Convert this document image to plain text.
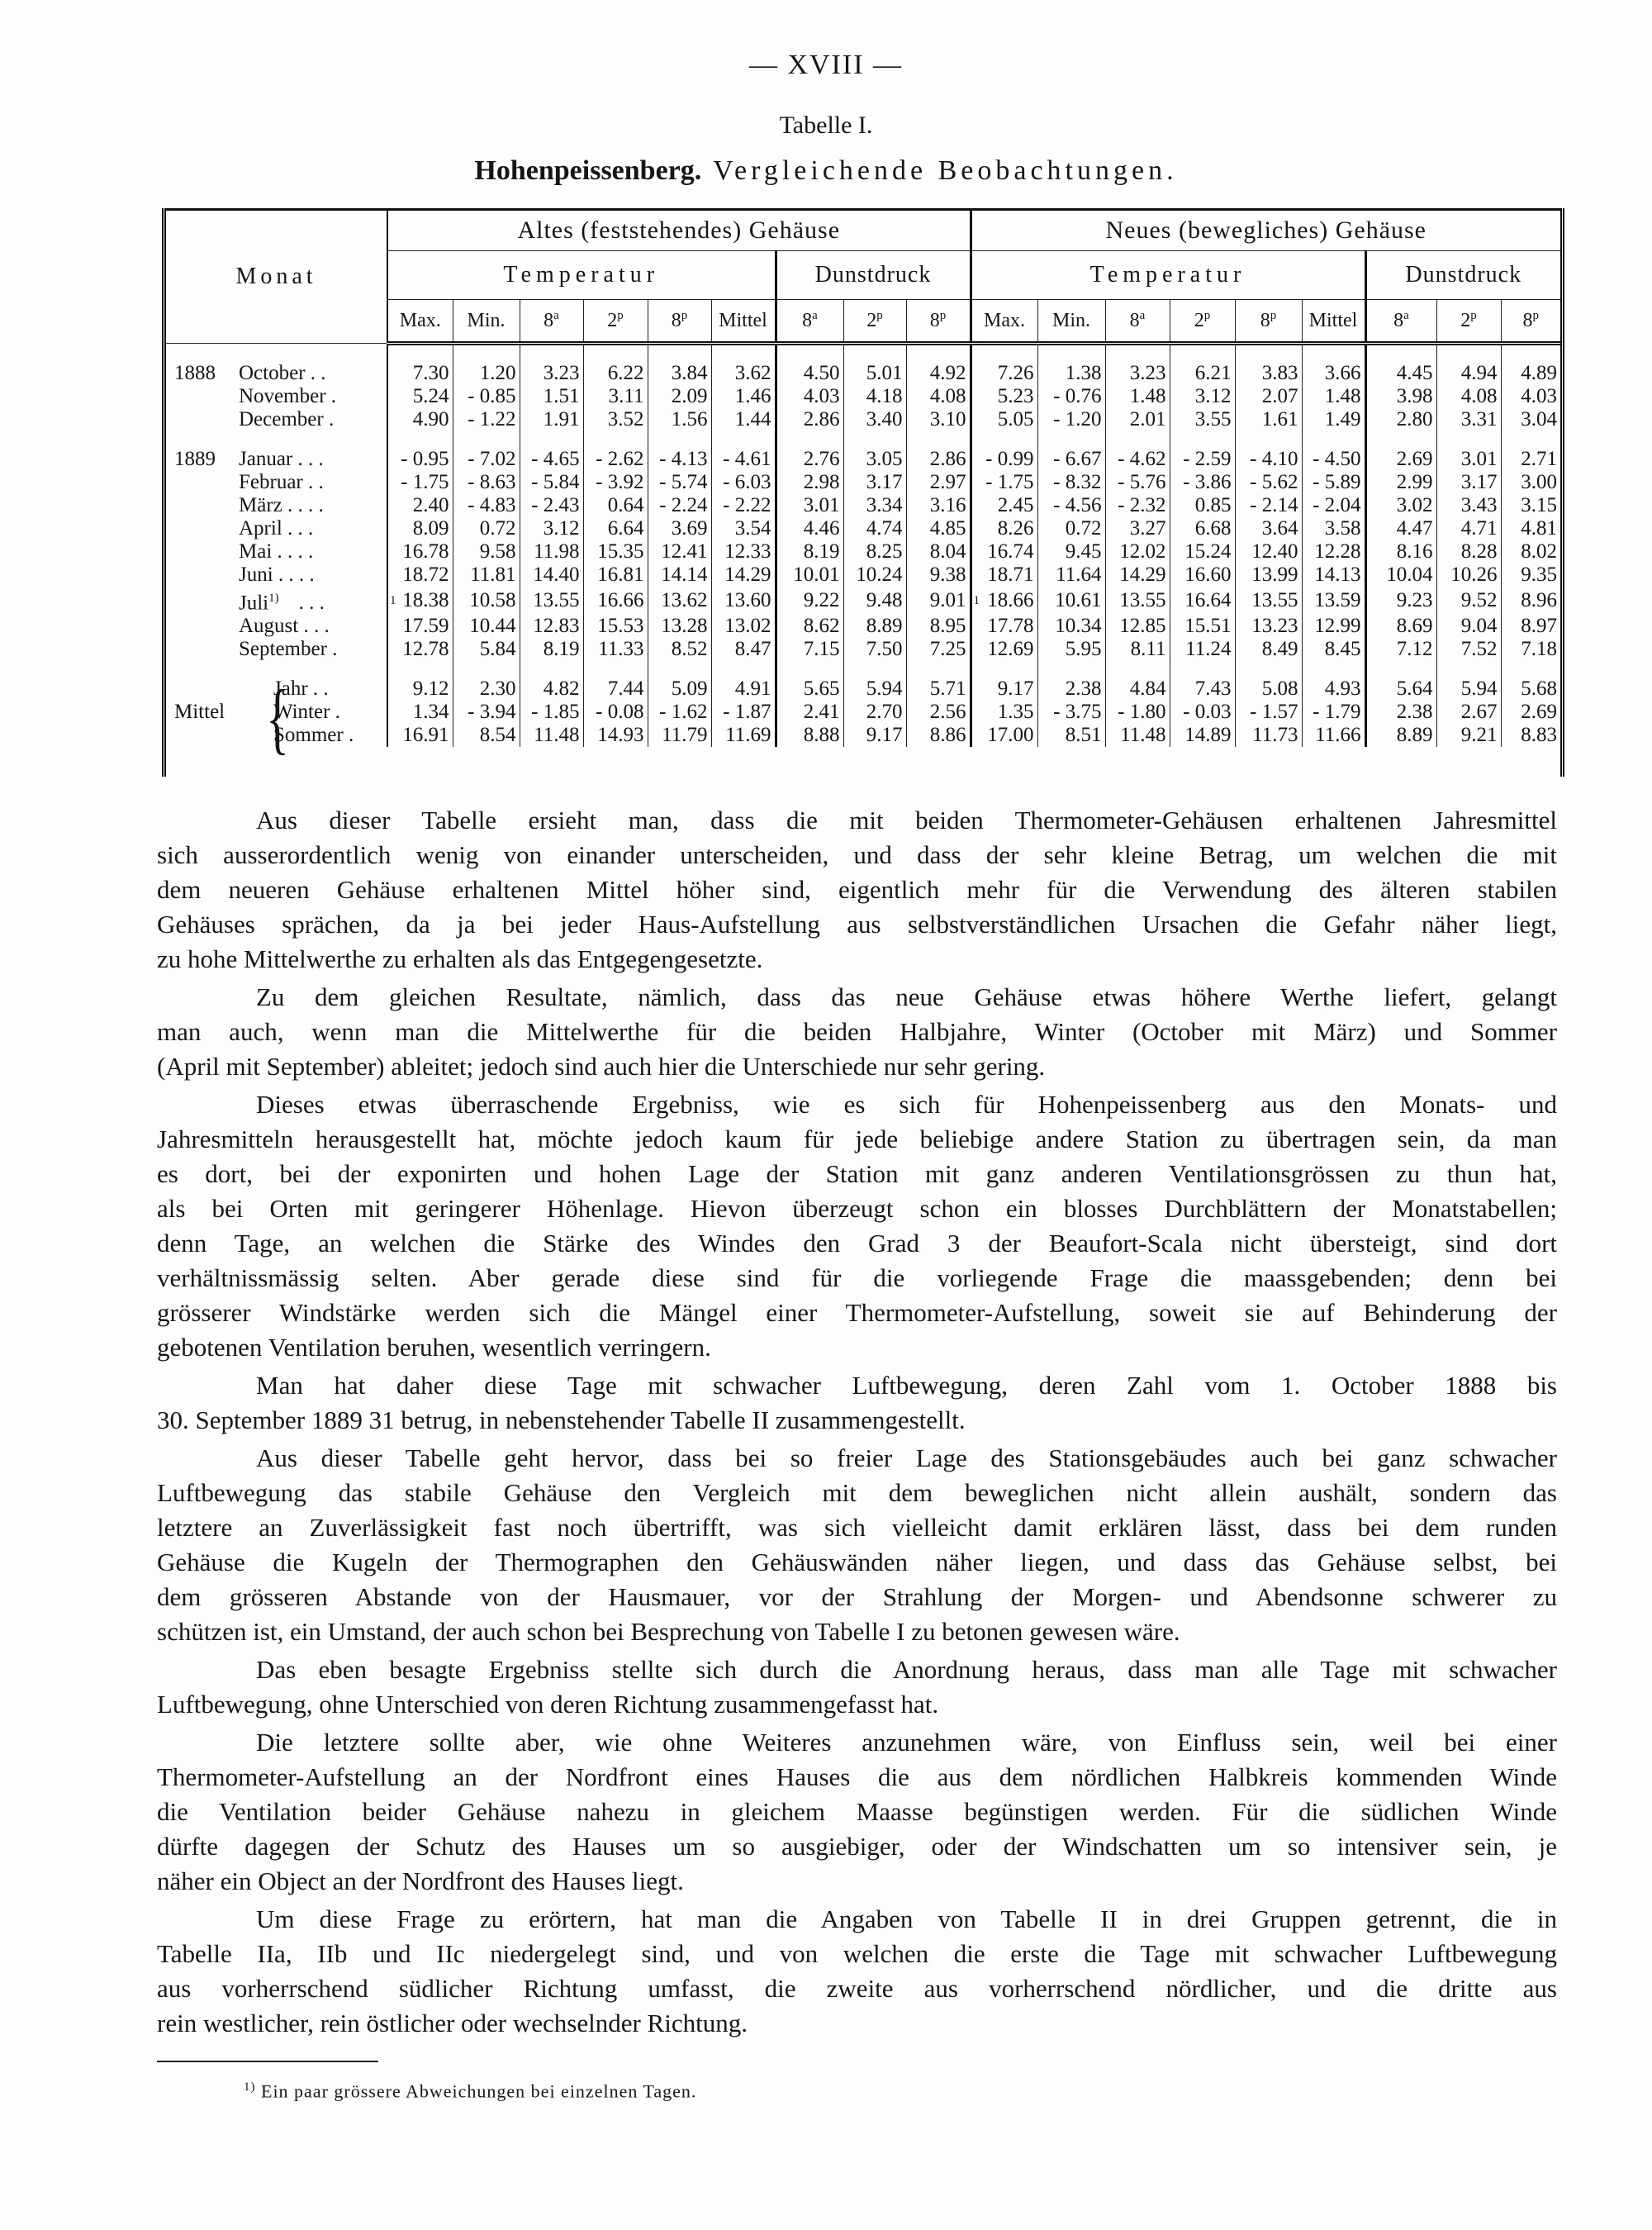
— XVIII —
Tabelle I.
Hohenpeissenberg. Vergleichende Beobachtungen.
Monat	Altes (feststehendes) Gehäuse									Neues (bewegliches) Gehäuse								
	Temperatur						Dunstdruck			Temperatur						Dunstdruck		
	Max.	Min.	8$^a$	2$^p$	8$^p$	Mittel	8$^a$	2$^p$	8$^p$	Max.	Min.	8$^a$	2$^p$	8$^p$	Mittel	8$^a$	2$^p$	8$^p$

1888 October . .	7.30	1.20	3.23	6.22	3.84	3.62	4.50	5.01	4.92	7.26	1.38	3.23	6.21	3.83	3.66	4.45	4.94	4.89
November .	5.24	- 0.85	1.51	3.11	2.09	1.46	4.03	4.18	4.08	5.23	- 0.76	1.48	3.12	2.07	1.48	3.98	4.08	4.03
December .	4.90	- 1.22	1.91	3.52	1.56	1.44	2.86	3.40	3.10	5.05	- 1.20	2.01	3.55	1.61	1.49	2.80	3.31	3.04

1889 Januar . . .	- 0.95	- 7.02	- 4.65	- 2.62	- 4.13	- 4.61	2.76	3.05	2.86	- 0.99	- 6.67	- 4.62	- 2.59	- 4.10	- 4.50	2.69	3.01	2.71
Februar . .	- 1.75	- 8.63	- 5.84	- 3.92	- 5.74	- 6.03	2.98	3.17	2.97	- 1.75	- 8.32	- 5.76	- 3.86	- 5.62	- 5.89	2.99	3.17	3.00
März . . . .	2.40	- 4.83	- 2.43	0.64	- 2.24	- 2.22	3.01	3.34	3.16	2.45	- 4.56	- 2.32	0.85	- 2.14	- 2.04	3.02	3.43	3.15
April . . .	8.09	0.72	3.12	6.64	3.69	3.54	4.46	4.74	4.85	8.26	0.72	3.27	6.68	3.64	3.58	4.47	4.71	4.81
Mai . . . .	16.78	9.58	11.98	15.35	12.41	12.33	8.19	8.25	8.04	16.74	9.45	12.02	15.24	12.40	12.28	8.16	8.28	8.02
Juni . . . .	18.72	11.81	14.40	16.81	14.14	14.29	10.01	10.24	9.38	18.71	11.64	14.29	16.60	13.99	14.13	10.04	10.26	9.35
Juli$^{1)}$ . . .	1 18.38	10.58	13.55	16.66	13.62	13.60	9.22	9.48	9.01	1 18.66	10.61	13.55	16.64	13.55	13.59	9.23	9.52	8.96
August . . .	17.59	10.44	12.83	15.53	13.28	13.02	8.62	8.89	8.95	17.78	10.34	12.85	15.51	13.23	12.99	8.69	9.04	8.97
September .	12.78	5.84	8.19	11.33	8.52	8.47	7.15	7.50	7.25	12.69	5.95	8.11	11.24	8.49	8.45	7.12	7.52	7.18

Jahr . .	9.12	2.30	4.82	7.44	5.09	4.91	5.65	5.94	5.71	9.17	2.38	4.84	7.43	5.08	4.93	5.64	5.94	5.68
Mittel {
Winter .	1.34	- 3.94	- 1.85	- 0.08	- 1.62	- 1.87	2.41	2.70	2.56	1.35	- 3.75	- 1.80	- 0.03	- 1.57	- 1.79	2.38	2.67	2.69
Sommer .	16.91	8.54	11.48	14.93	11.79	11.69	8.88	9.17	8.86	17.00	8.51	11.48	14.89	11.73	11.66	8.89	9.21	8.83

Aus dieser Tabelle ersieht man, dass die mit beiden Thermometer-Gehäusen erhaltenen Jahresmittel
sich ausserordentlich wenig von einander unterscheiden, und dass der sehr kleine Betrag, um welchen die mit
dem neueren Gehäuse erhaltenen Mittel höher sind, eigentlich mehr für die Verwendung des älteren stabilen
Gehäuses sprächen, da ja bei jeder Haus-Aufstellung aus selbstverständlichen Ursachen die Gefahr näher liegt,
zu hohe Mittelwerthe zu erhalten als das Entgegengesetzte.
Zu dem gleichen Resultate, nämlich, dass das neue Gehäuse etwas höhere Werthe liefert, gelangt
man auch, wenn man die Mittelwerthe für die beiden Halbjahre, Winter (October mit März) und Sommer
(April mit September) ableitet; jedoch sind auch hier die Unterschiede nur sehr gering.
Dieses etwas überraschende Ergebniss, wie es sich für Hohenpeissenberg aus den Monats- und
Jahresmitteln herausgestellt hat, möchte jedoch kaum für jede beliebige andere Station zu übertragen sein, da man
es dort, bei der exponirten und hohen Lage der Station mit ganz anderen Ventilationsgrössen zu thun hat,
als bei Orten mit geringerer Höhenlage. Hievon überzeugt schon ein blosses Durchblättern der Monatstabellen;
denn Tage, an welchen die Stärke des Windes den Grad 3 der Beaufort-Scala nicht übersteigt, sind dort
verhältnissmässig selten. Aber gerade diese sind für die vorliegende Frage die maassgebenden; denn bei
grösserer Windstärke werden sich die Mängel einer Thermometer-Aufstellung, soweit sie auf Behinderung der
gebotenen Ventilation beruhen, wesentlich verringern.
Man hat daher diese Tage mit schwacher Luftbewegung, deren Zahl vom 1. October 1888 bis
30. September 1889 31 betrug, in nebenstehender Tabelle II zusammengestellt.
Aus dieser Tabelle geht hervor, dass bei so freier Lage des Stationsgebäudes auch bei ganz schwacher
Luftbewegung das stabile Gehäuse den Vergleich mit dem beweglichen nicht allein aushält, sondern das
letztere an Zuverlässigkeit fast noch übertrifft, was sich vielleicht damit erklären lässt, dass bei dem runden
Gehäuse die Kugeln der Thermographen den Gehäuswänden näher liegen, und dass das Gehäuse selbst, bei
dem grösseren Abstande von der Hausmauer, vor der Strahlung der Morgen- und Abendsonne schwerer zu
schützen ist, ein Umstand, der auch schon bei Besprechung von Tabelle I zu betonen gewesen wäre.
Das eben besagte Ergebniss stellte sich durch die Anordnung heraus, dass man alle Tage mit schwacher
Luftbewegung, ohne Unterschied von deren Richtung zusammengefasst hat.
Die letztere sollte aber, wie ohne Weiteres anzunehmen wäre, von Einfluss sein, weil bei einer
Thermometer-Aufstellung an der Nordfront eines Hauses die aus dem nördlichen Halbkreis kommenden Winde
die Ventilation beider Gehäuse nahezu in gleichem Maasse begünstigen werden. Für die südlichen Winde
dürfte dagegen der Schutz des Hauses um so ausgiebiger, oder der Windschatten um so intensiver sein, je
näher ein Object an der Nordfront des Hauses liegt.
Um diese Frage zu erörtern, hat man die Angaben von Tabelle II in drei Gruppen getrennt, die in
Tabelle IIa, IIb und IIc niedergelegt sind, und von welchen die erste die Tage mit schwacher Luftbewegung
aus vorherrschend südlicher Richtung umfasst, die zweite aus vorherrschend nördlicher, und die dritte aus
rein westlicher, rein östlicher oder wechselnder Richtung.
$^{1)}$ Ein paar grössere Abweichungen bei einzelnen Tagen.
